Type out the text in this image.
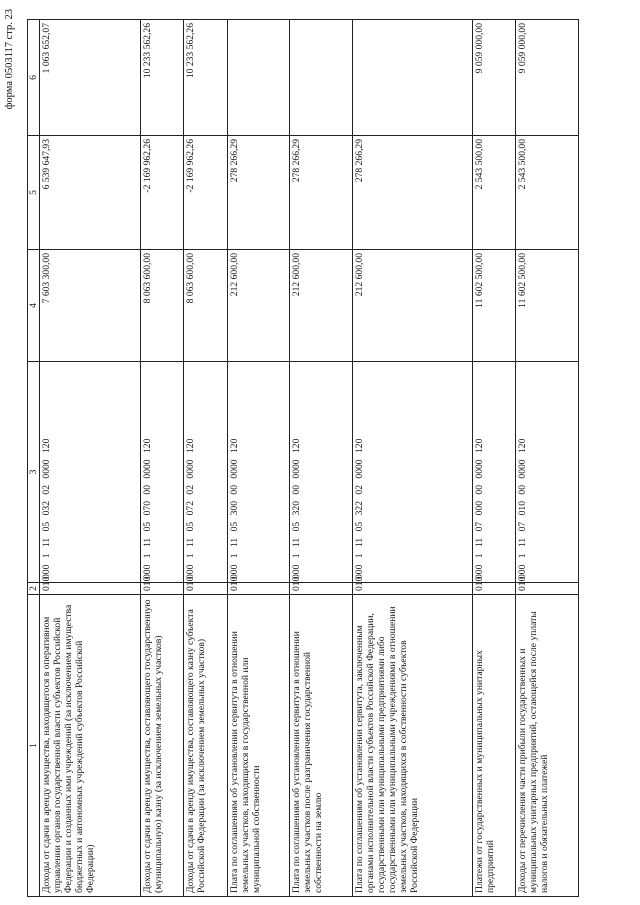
форма 0503117 стр. 23
1	2	3	4	5	6
Доходы от сдачи в аренду имущества, находящегося в оперативном управлении органов государственной власти субъектов Российской Федерации и созданных ими учреждений (за исключением имущества бюджетных и автономных учреждений субъектов Российской Федерации)	010	000 1 11 05 032 02 0000 120	7 603 300,00	6 539 647,93	1 063 652,07
Доходы от сдачи в аренду имущества, составляющего государственную (муниципальную) казну (за исключением земельных участков)	010	000 1 11 05 070 00 0000 120	8 063 600,00	-2 169 962,26	10 233 562,26
Доходы от сдачи в аренду имущества, составляющего казну субъекта Российской Федерации (за исключением земельных участков)	010	000 1 11 05 072 02 0000 120	8 063 600,00	-2 169 962,26	10 233 562,26
Плата по соглашениям об установлении сервитута в отношении земельных участков, находящихся в государственной или муниципальной собственности	010	000 1 11 05 300 00 0000 120	212 600,00	278 266,29	
Плата по соглашениям об установлении сервитута в отношении земельных участков после разграничения государственной собственности на землю	010	000 1 11 05 320 00 0000 120	212 600,00	278 266,29	
Плата по соглашениям об установлении сервитута, заключенным органами исполнительной власти субъектов Российской Федерации, государственными или муниципальными предприятиями либо государственными или муниципальными учреждениями в отношении земельных участков, находящихся в собственности субъектов Российской Федерации	010	000 1 11 05 322 02 0000 120	212 600,00	278 266,29	
Платежи от государственных и муниципальных унитарных предприятий	010	000 1 11 07 000 00 0000 120	11 602 500,00	2 543 500,00	9 059 000,00
Доходы от перечисления части прибыли государственных и муниципальных унитарных предприятий, остающейся после уплаты налогов и обязательных платежей	010	000 1 11 07 010 00 0000 120	11 602 500,00	2 543 500,00	9 059 000,00
